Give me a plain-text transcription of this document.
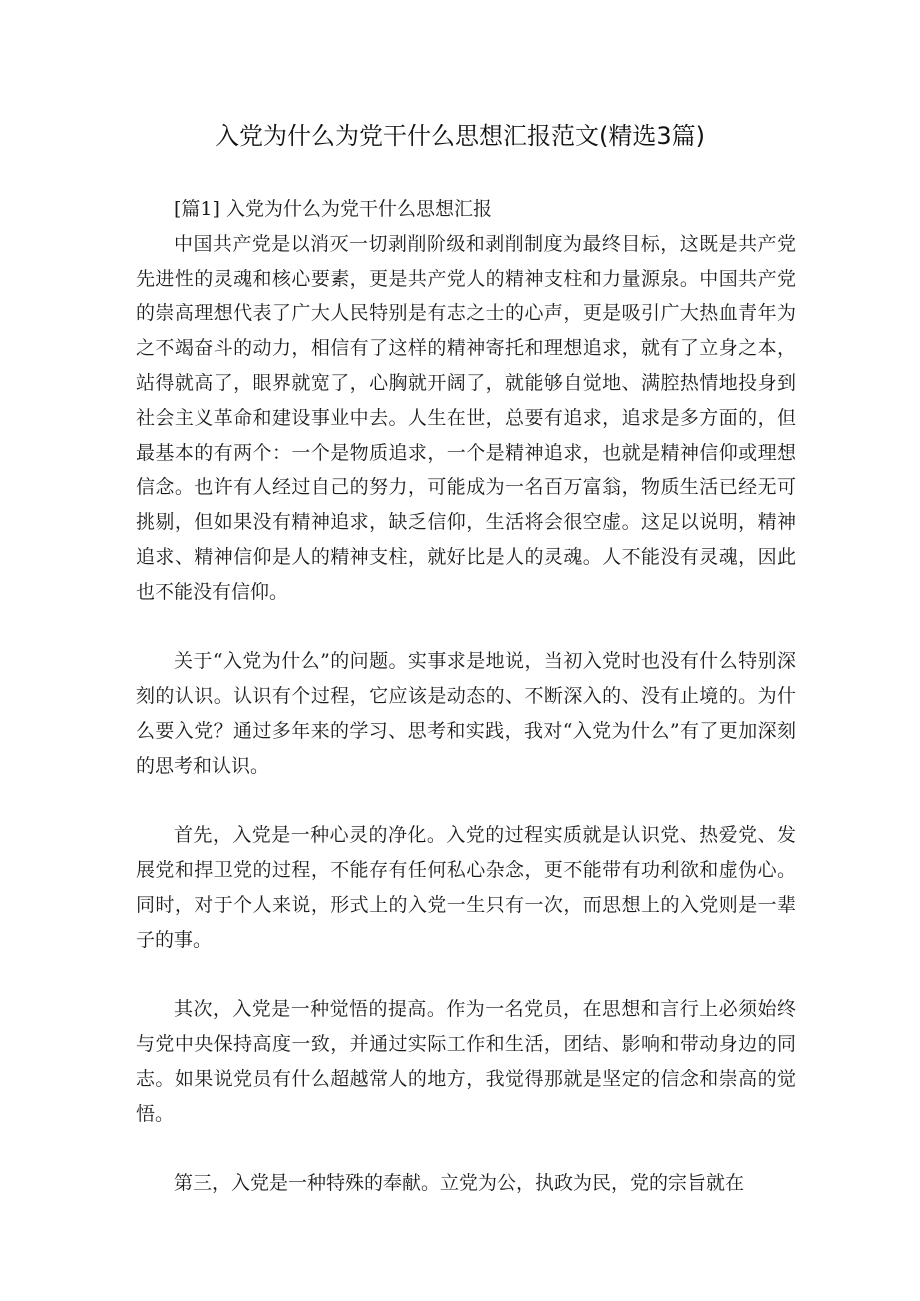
入党为什么为党干什么思想汇报范文(精选3篇)

[篇1] 入党为什么为党干什么思想汇报

中国共产党是以消灭一切剥削阶级和剥削制度为最终目标，这既是共产党先进性的灵魂和核心要素，更是共产党人的精神支柱和力量源泉。中国共产党的崇高理想代表了广大人民特别是有志之士的心声，更是吸引广大热血青年为之不竭奋斗的动力，相信有了这样的精神寄托和理想追求，就有了立身之本，站得就高了，眼界就宽了，心胸就开阔了，就能够自觉地、满腔热情地投身到社会主义革命和建设事业中去。人生在世，总要有追求，追求是多方面的，但最基本的有两个：一个是物质追求，一个是精神追求，也就是精神信仰或理想信念。也许有人经过自己的努力，可能成为一名百万富翁，物质生活已经无可挑剔，但如果没有精神追求，缺乏信仰，生活将会很空虚。这足以说明，精神追求、精神信仰是人的精神支柱，就好比是人的灵魂。人不能没有灵魂，因此也不能没有信仰。

关于“入党为什么”的问题。实事求是地说，当初入党时也没有什么特别深刻的认识。认识有个过程，它应该是动态的、不断深入的、没有止境的。为什么要入党？通过多年来的学习、思考和实践，我对“入党为什么”有了更加深刻的思考和认识。

首先，入党是一种心灵的净化。入党的过程实质就是认识党、热爱党、发展党和捍卫党的过程，不能存有任何私心杂念，更不能带有功利欲和虚伪心。同时，对于个人来说，形式上的入党一生只有一次，而思想上的入党则是一辈子的事。

其次，入党是一种觉悟的提高。作为一名党员，在思想和言行上必须始终与党中央保持高度一致，并通过实际工作和生活，团结、影响和带动身边的同志。如果说党员有什么超越常人的地方，我觉得那就是坚定的信念和崇高的觉悟。

第三，入党是一种特殊的奉献。立党为公，执政为民，党的宗旨就在
